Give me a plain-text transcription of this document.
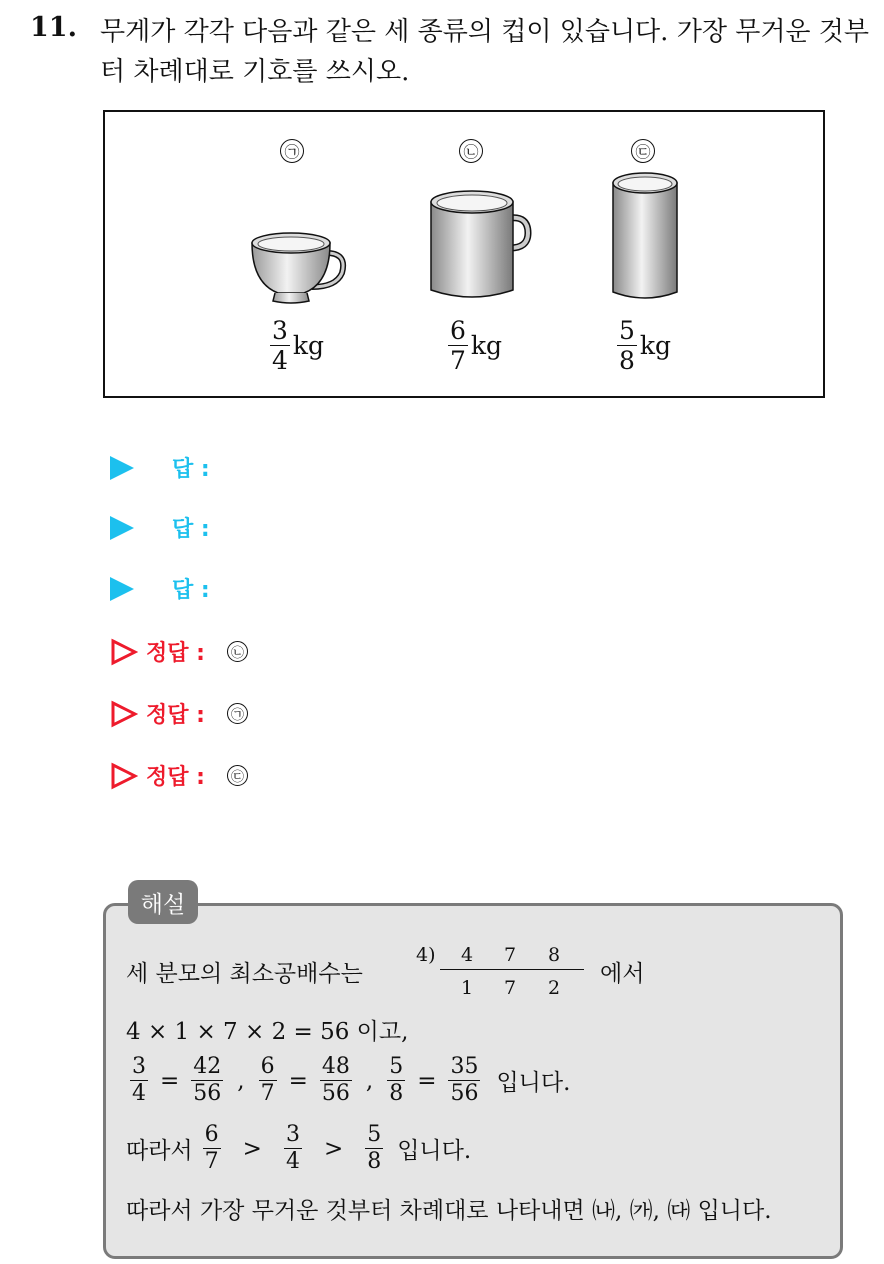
11. 무게가 각각 다음과 같은 세 종류의 컵이 있습니다. 가장 무거운 것부터 차례대로 기호를 쓰시오.
㉠	㉡	㉢
$\frac{3}{4}$ kg	$\frac{6}{7}$ kg	$\frac{5}{8}$ kg
답 :
답 :
답 :
정답 :	㉡
정답 :	㉠
정답 :	㉢
해설
세 분모의 최소공배수는
4) 4 7 8
1 7 2
에서
4 × 1 × 7 × 2 = 56 이고,
$\frac{3}{4} = \frac{42}{56}$ , $\frac{6}{7} = \frac{48}{56}$ , $\frac{5}{8} = \frac{35}{56}$ 입니다.
따라서 $\frac{6}{7} > \frac{3}{4} > \frac{5}{8}$ 입니다.
따라서 가장 무거운 것부터 차례대로 나타내면 ㈏, ㈎, ㈐ 입니다.
